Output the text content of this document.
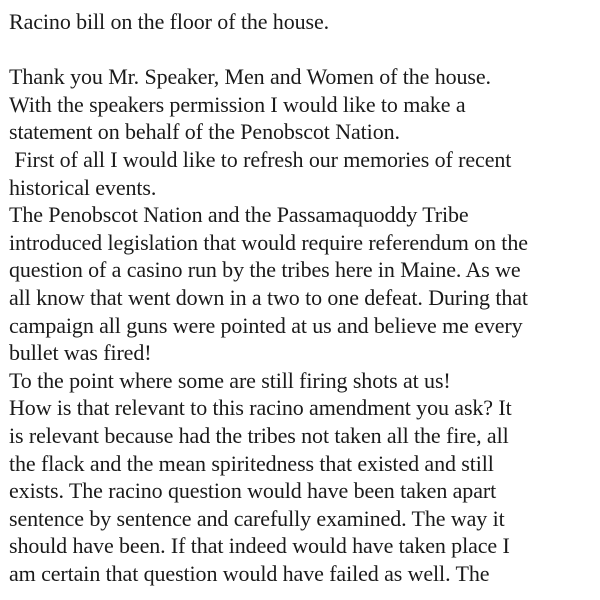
Racino bill on the floor of the house.
Thank you Mr. Speaker, Men and Women of the house.
With the speakers permission I would like to make a
statement on behalf of the Penobscot Nation.
First of all I would like to refresh our memories of recent
historical events.
The Penobscot Nation and the Passamaquoddy Tribe
introduced legislation that would require referendum on the
question of a casino run by the tribes here in Maine. As we
all know that went down in a two to one defeat. During that
campaign all guns were pointed at us and believe me every
bullet was fired!
To the point where some are still firing shots at us!
How is that relevant to this racino amendment you ask? It
is relevant because had the tribes not taken all the fire, all
the flack and the mean spiritedness that existed and still
exists. The racino question would have been taken apart
sentence by sentence and carefully examined. The way it
should have been. If that indeed would have taken place I
am certain that question would have failed as well. The
